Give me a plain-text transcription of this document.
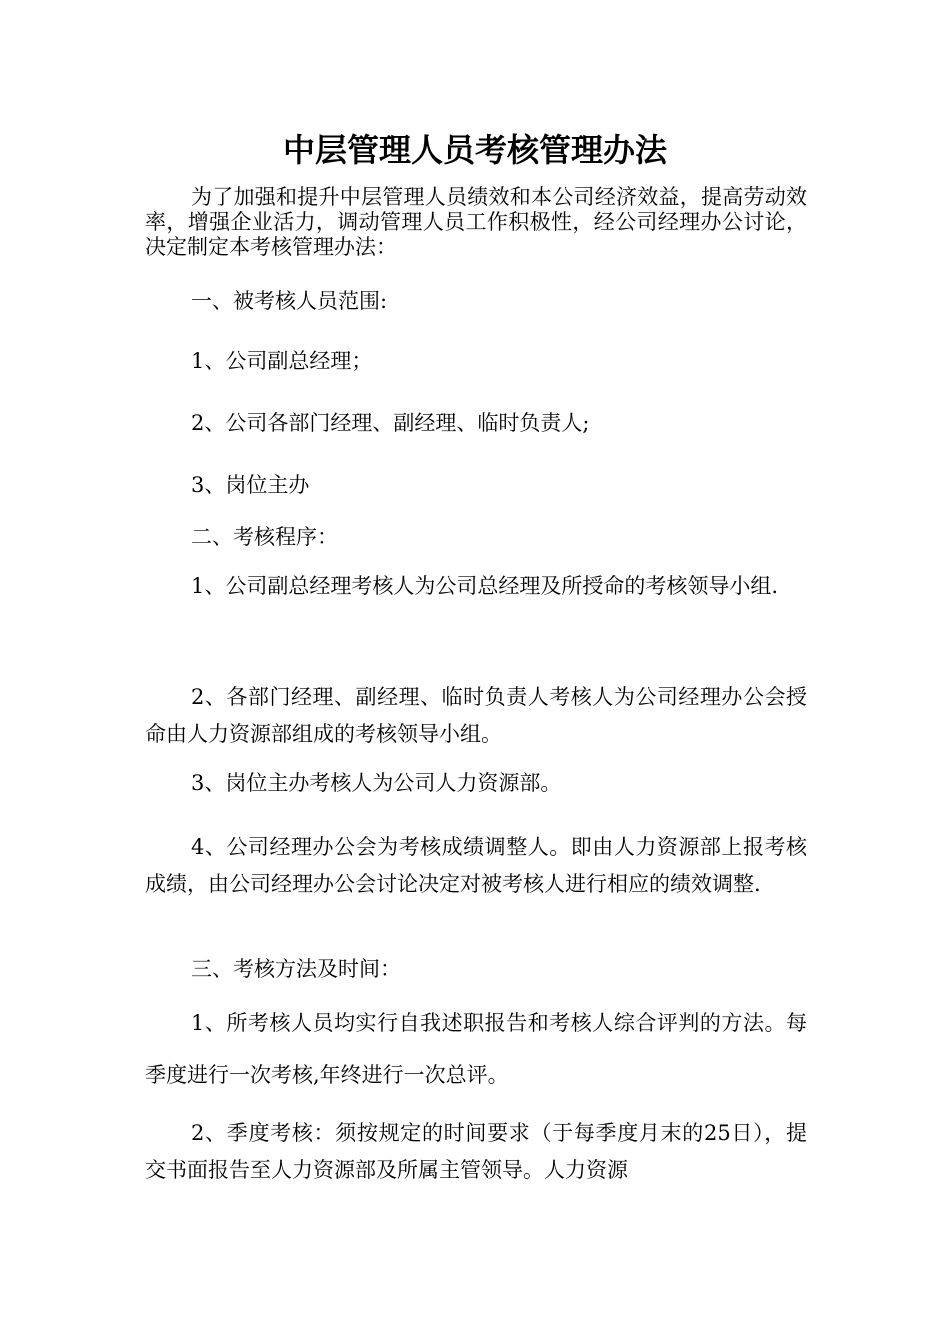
中层管理人员考核管理办法

为了加强和提升中层管理人员绩效和本公司经济效益，提高劳动效率，增强企业活力，调动管理人员工作积极性，经公司经理办公讨论，决定制定本考核管理办法：

一、被考核人员范围:

1、公司副总经理；

2、公司各部门经理、副经理、临时负责人;

3、岗位主办

二、考核程序：

1、公司副总经理考核人为公司总经理及所授命的考核领导小组.

2、各部门经理、副经理、临时负责人考核人为公司经理办公会授命由人力资源部组成的考核领导小组。

3、岗位主办考核人为公司人力资源部。

4、公司经理办公会为考核成绩调整人。即由人力资源部上报考核成绩，由公司经理办公会讨论决定对被考核人进行相应的绩效调整.

三、考核方法及时间：

1、所考核人员均实行自我述职报告和考核人综合评判的方法。每季度进行一次考核,年终进行一次总评。

2、季度考核：须按规定的时间要求（于每季度月末的25日），提交书面报告至人力资源部及所属主管领导。人力资源
